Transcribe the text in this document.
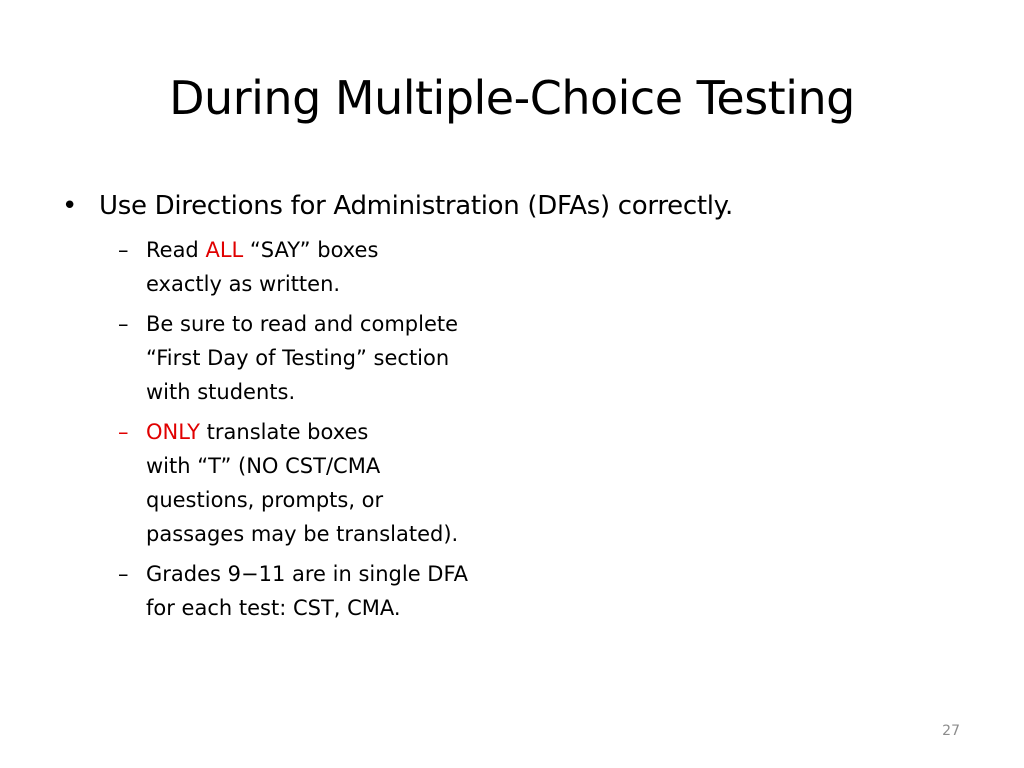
During Multiple-Choice Testing
• Use Directions for Administration (DFAs) correctly.
– Read ALL “SAY” boxes
exactly as written.
– Be sure to read and complete
“First Day of Testing” section
with students.
– ONLY translate boxes
with “T” (NO CST/CMA
questions, prompts, or
passages may be translated).
– Grades 9−11 are in single DFA
for each test: CST, CMA.
27
